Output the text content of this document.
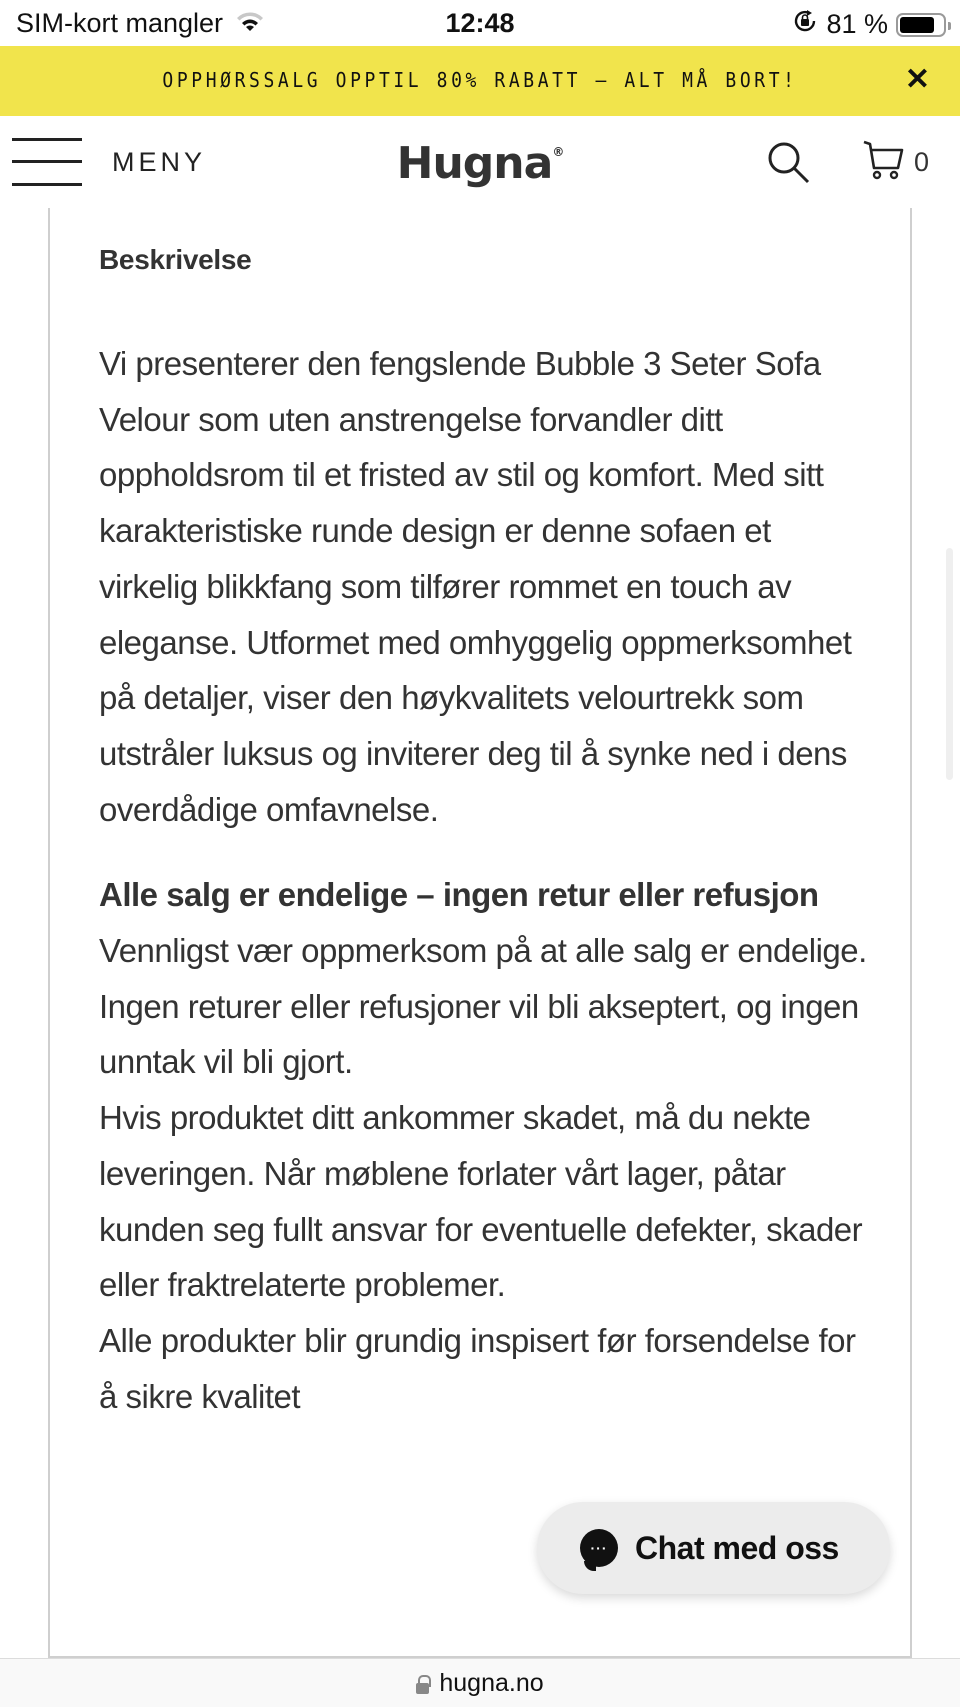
SIM-kort mangler	12:48	81 %
OPPHØRSSALG OPPTIL 80% RABATT – ALT MÅ BORT!	✕
MENY	Hugna®	0
Beskrivelse

Vi presenterer den fengslende Bubble 3 Seter Sofa Velour som uten anstrengelse forvandler ditt oppholdsrom til et fristed av stil og komfort. Med sitt karakteristiske runde design er denne sofaen et virkelig blikkfang som tilfører rommet en touch av eleganse. Utformet med omhyggelig oppmerksomhet på detaljer, viser den høykvalitets velourtrekk som utstråler luksus og inviterer deg til å synke ned i dens overdådige omfavnelse.

Alle salg er endelige – ingen retur eller refusjon

Vennligst vær oppmerksom på at alle salg er endelige. Ingen returer eller refusjoner vil bli akseptert, og ingen unntak vil bli gjort.

Hvis produktet ditt ankommer skadet, må du nekte leveringen. Når møblene forlater vårt lager, påtar kunden seg fullt ansvar for eventuelle defekter, skader eller fraktrelaterte problemer.

Alle produkter blir grundig inspisert før forsendelse for å sikre kvalitet

··· Chat med oss
hugna.no
